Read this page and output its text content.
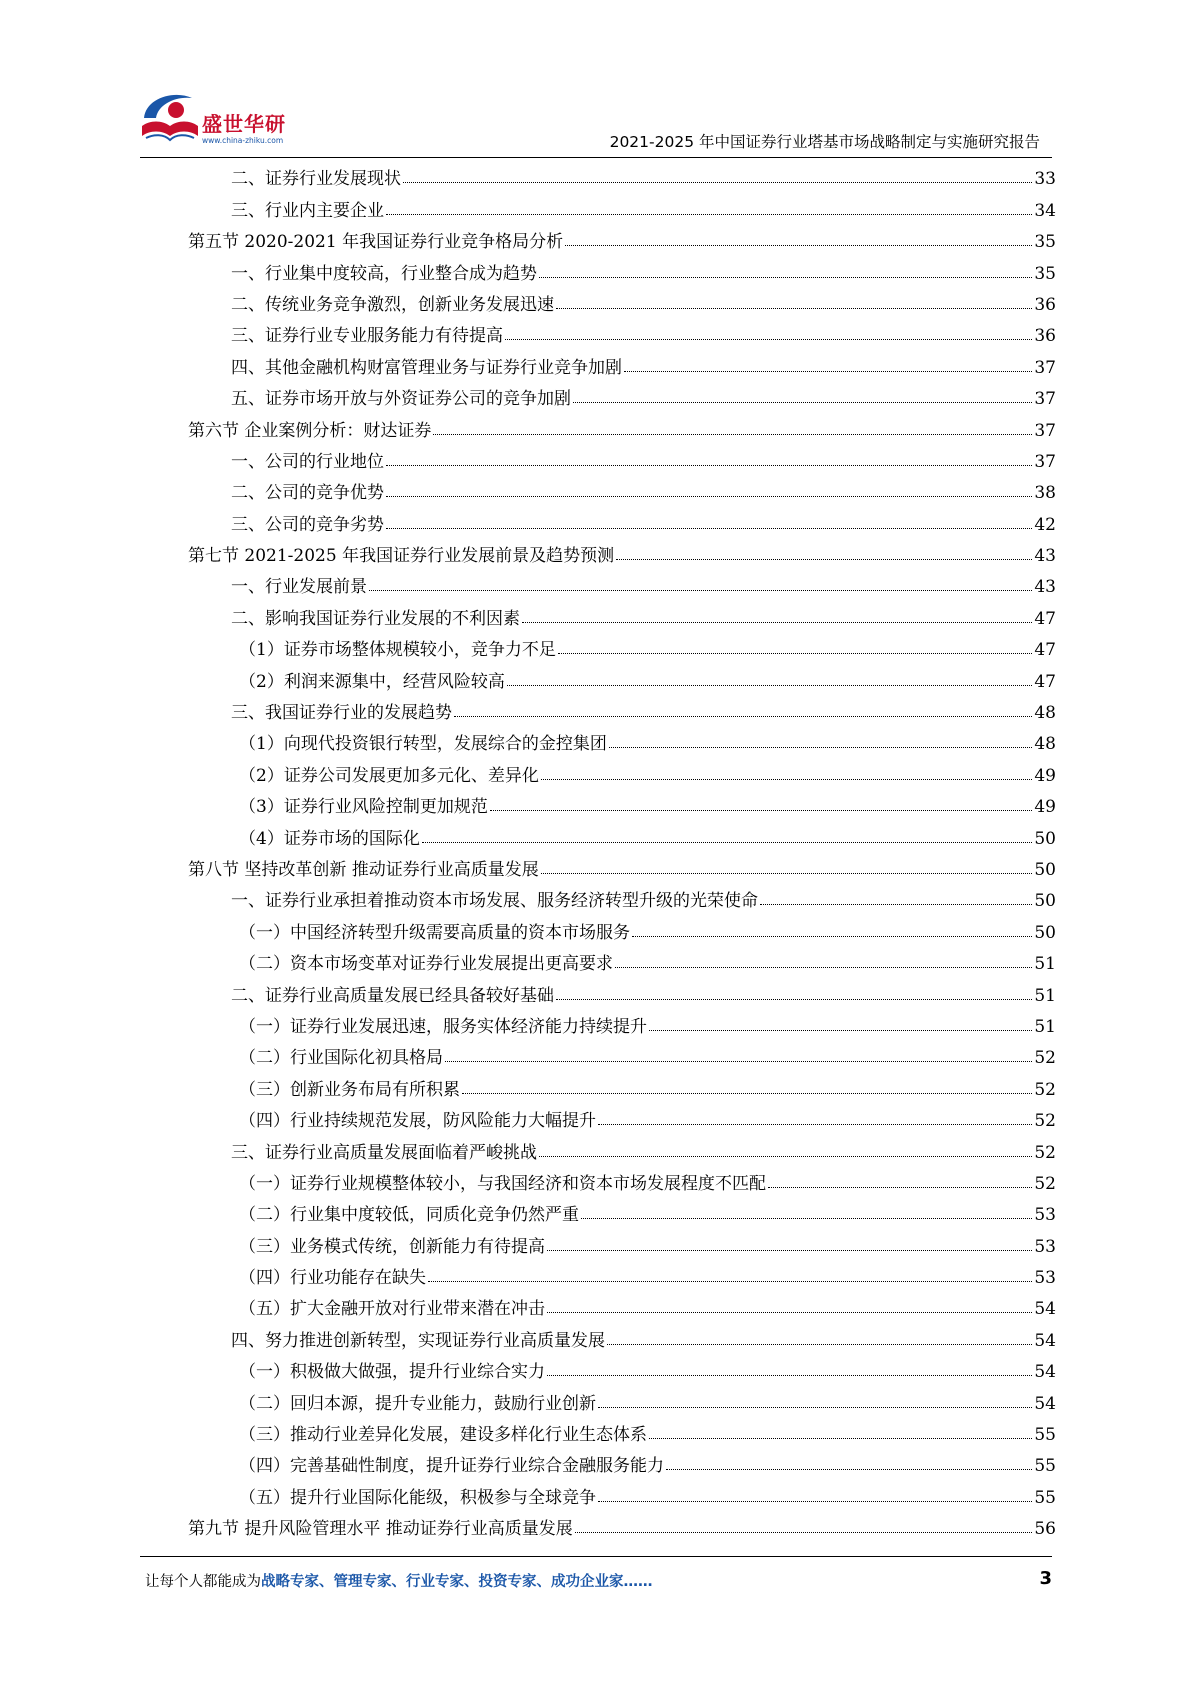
盛世华研
www.china-zhiku.com	2021-2025 年中国证券行业塔基市场战略制定与实施研究报告
二、证券行业发展现状	33
三、行业内主要企业	34
第五节 2020-2021 年我国证券行业竞争格局分析	35
一、行业集中度较高，行业整合成为趋势	35
二、传统业务竞争激烈，创新业务发展迅速	36
三、证券行业专业服务能力有待提高	36
四、其他金融机构财富管理业务与证券行业竞争加剧	37
五、证券市场开放与外资证券公司的竞争加剧	37
第六节 企业案例分析：财达证券	37
一、公司的行业地位	37
二、公司的竞争优势	38
三、公司的竞争劣势	42
第七节 2021-2025 年我国证券行业发展前景及趋势预测	43
一、行业发展前景	43
二、影响我国证券行业发展的不利因素	47
（1）证券市场整体规模较小，竞争力不足	47
（2）利润来源集中，经营风险较高	47
三、我国证券行业的发展趋势	48
（1）向现代投资银行转型，发展综合的金控集团	48
（2）证券公司发展更加多元化、差异化	49
（3）证券行业风险控制更加规范	49
（4）证券市场的国际化	50
第八节 坚持改革创新 推动证券行业高质量发展	50
一、证券行业承担着推动资本市场发展、服务经济转型升级的光荣使命	50
（一）中国经济转型升级需要高质量的资本市场服务	50
（二）资本市场变革对证券行业发展提出更高要求	51
二、证券行业高质量发展已经具备较好基础	51
（一）证券行业发展迅速，服务实体经济能力持续提升	51
（二）行业国际化初具格局	52
（三）创新业务布局有所积累	52
（四）行业持续规范发展，防风险能力大幅提升	52
三、证券行业高质量发展面临着严峻挑战	52
（一）证券行业规模整体较小，与我国经济和资本市场发展程度不匹配	52
（二）行业集中度较低，同质化竞争仍然严重	53
（三）业务模式传统，创新能力有待提高	53
（四）行业功能存在缺失	53
（五）扩大金融开放对行业带来潜在冲击	54
四、努力推进创新转型，实现证券行业高质量发展	54
（一）积极做大做强，提升行业综合实力	54
（二）回归本源，提升专业能力，鼓励行业创新	54
（三）推动行业差异化发展，建设多样化行业生态体系	55
（四）完善基础性制度，提升证券行业综合金融服务能力	55
（五）提升行业国际化能级，积极参与全球竞争	55
第九节 提升风险管理水平 推动证券行业高质量发展	56
让每个人都能成为战略专家、管理专家、行业专家、投资专家、成功企业家……	3
